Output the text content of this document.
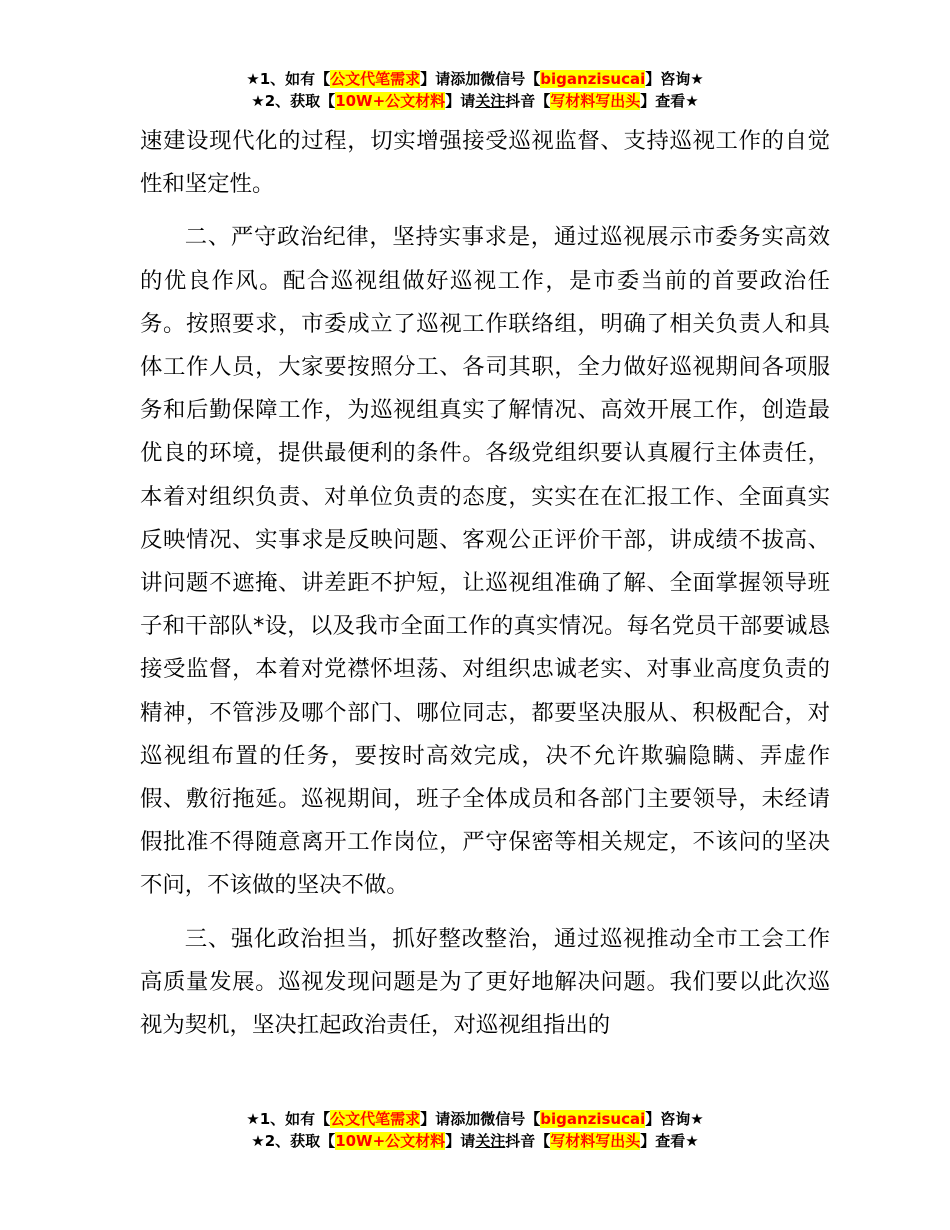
★1、如有【公文代笔需求】请添加微信号【biganzisucai】咨询★
★2、获取【10W+公文材料】请关注抖音【写材料写出头】查看★

速建设现代化的过程，切实增强接受巡视监督、支持巡视工作的自觉性和坚定性。

二、严守政治纪律，坚持实事求是，通过巡视展示市委务实高效的优良作风。配合巡视组做好巡视工作，是市委当前的首要政治任务。按照要求，市委成立了巡视工作联络组，明确了相关负责人和具体工作人员，大家要按照分工、各司其职，全力做好巡视期间各项服务和后勤保障工作，为巡视组真实了解情况、高效开展工作，创造最优良的环境，提供最便利的条件。各级党组织要认真履行主体责任，本着对组织负责、对单位负责的态度，实实在在汇报工作、全面真实反映情况、实事求是反映问题、客观公正评价干部，讲成绩不拔高、讲问题不遮掩、讲差距不护短，让巡视组准确了解、全面掌握领导班子和干部队*设，以及我市全面工作的真实情况。每名党员干部要诚恳接受监督，本着对党襟怀坦荡、对组织忠诚老实、对事业高度负责的精神，不管涉及哪个部门、哪位同志，都要坚决服从、积极配合，对巡视组布置的任务，要按时高效完成，决不允许欺骗隐瞒、弄虚作假、敷衍拖延。巡视期间，班子全体成员和各部门主要领导，未经请假批准不得随意离开工作岗位，严守保密等相关规定，不该问的坚决不问，不该做的坚决不做。

三、强化政治担当，抓好整改整治，通过巡视推动全市工会工作高质量发展。巡视发现问题是为了更好地解决问题。我们要以此次巡视为契机，坚决扛起政治责任，对巡视组指出的

★1、如有【公文代笔需求】请添加微信号【biganzisucai】咨询★
★2、获取【10W+公文材料】请关注抖音【写材料写出头】查看★
